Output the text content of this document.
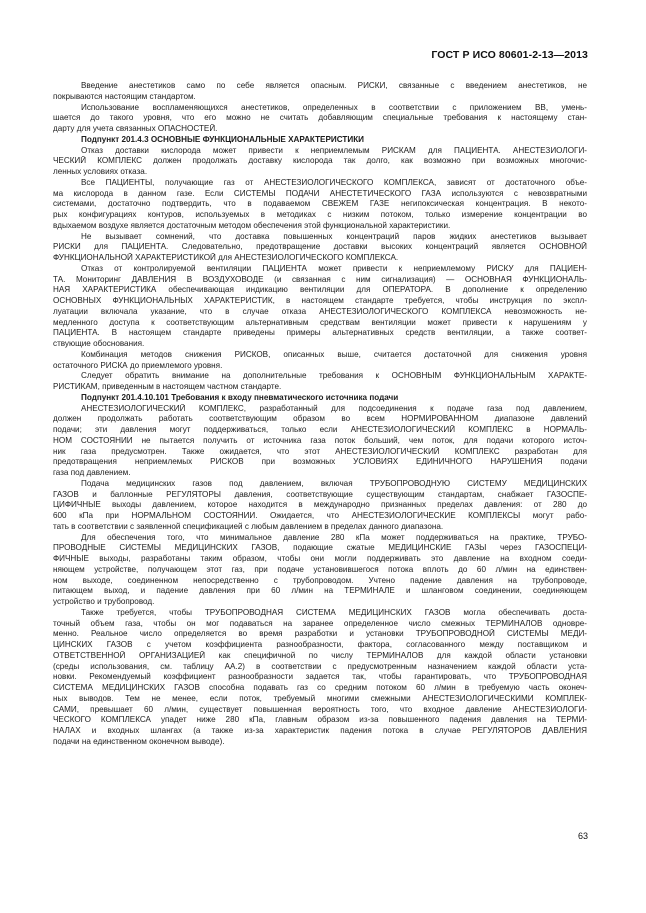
ГОСТ Р ИСО 80601-2-13—2013
Введение анестетиков само по себе является опасным. РИСКИ, связанные с введением анестетиков, не
покрываются настоящим стандартом.
Использование воспламеняющихся анестетиков, определенных в соответствии с приложением ВВ, умень-
шается до такого уровня, что его можно не считать добавляющим специальные требования к настоящему стан-
дарту для учета связанных ОПАСНОСТЕЙ.
Подпункт 201.4.3 ОСНОВНЫЕ ФУНКЦИОНАЛЬНЫЕ ХАРАКТЕРИСТИКИ
Отказ доставки кислорода может привести к неприемлемым РИСКАМ для ПАЦИЕНТА. АНЕСТЕЗИОЛОГИ-
ЧЕСКИЙ КОМПЛЕКС должен продолжать доставку кислорода так долго, как возможно при возможных многочис-
ленных условиях отказа.
Все ПАЦИЕНТЫ, получающие газ от АНЕСТЕЗИОЛОГИЧЕСКОГО КОМПЛЕКСА, зависят от достаточного объе-
ма кислорода в данном газе. Если СИСТЕМЫ ПОДАЧИ АНЕСТЕТИЧЕСКОГО ГАЗА используются с невозвратными
системами, достаточно подтвердить, что в подаваемом СВЕЖЕМ ГАЗЕ негипоксическая концентрация. В некото-
рых конфигурациях контуров, используемых в методиках с низким потоком, только измерение концентрации во
вдыхаемом воздухе является достаточным методом обеспечения этой функциональной характеристики.
Не вызывает сомнений, что доставка повышенных концентраций паров жидких анестетиков вызывает
РИСКИ для ПАЦИЕНТА. Следовательно, предотвращение доставки высоких концентраций является ОСНОВНОЙ
ФУНКЦИОНАЛЬНОЙ ХАРАКТЕРИСТИКОЙ для АНЕСТЕЗИОЛОГИЧЕСКОГО КОМПЛЕКСА.
Отказ от контролируемой вентиляции ПАЦИЕНТА может привести к неприемлемому РИСКУ для ПАЦИЕН-
ТА. Мониторинг ДАВЛЕНИЯ В ВОЗДУХОВОДЕ (и связанная с ним сигнализация) — ОСНОВНАЯ ФУНКЦИОНАЛЬ-
НАЯ ХАРАКТЕРИСТИКА обеспечивающая индикацию вентиляции для ОПЕРАТОРА. В дополнение к определению
ОСНОВНЫХ ФУНКЦИОНАЛЬНЫХ ХАРАКТЕРИСТИК, в настоящем стандарте требуется, чтобы инструкция по экспл-
луатации включала указание, что в случае отказа АНЕСТЕЗИОЛОГИЧЕСКОГО КОМПЛЕКСА невозможность не-
медленного доступа к соответствующим альтернативным средствам вентиляции может привести к нарушениям у
ПАЦИЕНТА. В настоящем стандарте приведены примеры альтернативных средств вентиляции, а также соответ-
ствующие обоснования.
Комбинация методов снижения РИСКОВ, описанных выше, считается достаточной для снижения уровня
остаточного РИСКА до приемлемого уровня.
Следует обратить внимание на дополнительные требования к ОСНОВНЫМ ФУНКЦИОНАЛЬНЫМ ХАРАКТЕ-
РИСТИКАМ, приведенным в настоящем частном стандарте.
Подпункт 201.4.10.101 Требования к входу пневматического источника подачи
АНЕСТЕЗИОЛОГИЧЕСКИЙ КОМПЛЕКС, разработанный для подсоединения к подаче газа под давлением,
должен продолжать работать соответствующим образом во всем НОРМИРОВАННОМ диапазоне давлений
подачи; эти давления могут поддерживаться, только если АНЕСТЕЗИОЛОГИЧЕСКИЙ КОМПЛЕКС в НОРМАЛЬ-
НОМ СОСТОЯНИИ не пытается получить от источника газа поток больший, чем поток, для подачи которого источ-
ник газа предусмотрен. Также ожидается, что этот АНЕСТЕЗИОЛОГИЧЕСКИЙ КОМПЛЕКС разработан для
предотвращения неприемлемых РИСКОВ при возможных УСЛОВИЯХ ЕДИНИЧНОГО НАРУШЕНИЯ подачи
газа под давлением.
Подача медицинских газов под давлением, включая ТРУБОПРОВОДНУЮ СИСТЕМУ МЕДИЦИНСКИХ
ГАЗОВ и баллонные РЕГУЛЯТОРЫ давления, соответствующие существующим стандартам, снабжает ГАЗОСПЕ-
ЦИФИЧНЫЕ выходы давлением, которое находится в международно признанных пределах давления: от 280 до
600 кПа при НОРМАЛЬНОМ СОСТОЯНИИ. Ожидается, что АНЕСТЕЗИОЛОГИЧЕСКИЕ КОМПЛЕКСЫ могут рабо-
тать в соответствии с заявленной спецификацией с любым давлением в пределах данного диапазона.
Для обеспечения того, что минимальное давление 280 кПа может поддерживаться на практике, ТРУБО-
ПРОВОДНЫЕ СИСТЕМЫ МЕДИЦИНСКИХ ГАЗОВ, подающие сжатые МЕДИЦИНСКИЕ ГАЗЫ через ГАЗОСПЕЦИ-
ФИЧНЫЕ выходы, разработаны таким образом, чтобы они могли поддерживать это давление на входном соеди-
няющем устройстве, получающем этот газ, при подаче установившегося потока вплоть до 60 л/мин на единствен-
ном выходе, соединенном непосредственно с трубопроводом. Учтено падение давления на трубопроводе,
питающем выход, и падение давления при 60 л/мин на ТЕРМИНАЛЕ и шланговом соединении, соединяющем
устройство и трубопровод.
Также требуется, чтобы ТРУБОПРОВОДНАЯ СИСТЕМА МЕДИЦИНСКИХ ГАЗОВ могла обеспечивать доста-
точный объем газа, чтобы он мог подаваться на заранее определенное число смежных ТЕРМИНАЛОВ одновре-
менно. Реальное число определяется во время разработки и установки ТРУБОПРОВОДНОЙ СИСТЕМЫ МЕДИ-
ЦИНСКИХ ГАЗОВ с учетом коэффициента разнообразности, фактора, согласованного между поставщиком и
ОТВЕТСТВЕННОЙ ОРГАНИЗАЦИЕЙ как специфичной по числу ТЕРМИНАЛОВ для каждой области установки
(среды использования, см. таблицу АА.2) в соответствии с предусмотренным назначением каждой области уста-
новки. Рекомендуемый коэффициент разнообразности задается так, чтобы гарантировать, что ТРУБОПРОВОДНАЯ
СИСТЕМА МЕДИЦИНСКИХ ГАЗОВ способна подавать газ со средним потоком 60 л/мин в требуемую часть оконеч-
ных выводов. Тем не менее, если поток, требуемый многими смежными АНЕСТЕЗИОЛОГИЧЕСКИМИ КОМПЛЕК-
САМИ, превышает 60 л/мин, существует повышенная вероятность того, что входное давление АНЕСТЕЗИОЛОГИ-
ЧЕСКОГО КОМПЛЕКСА упадет ниже 280 кПа, главным образом из-за повышенного падения давления на ТЕРМИ-
НАЛАХ и входных шлангах (а также из-за характеристик падения потока в случае РЕГУЛЯТОРОВ ДАВЛЕНИЯ
подачи на единственном оконечном выводе).
63
